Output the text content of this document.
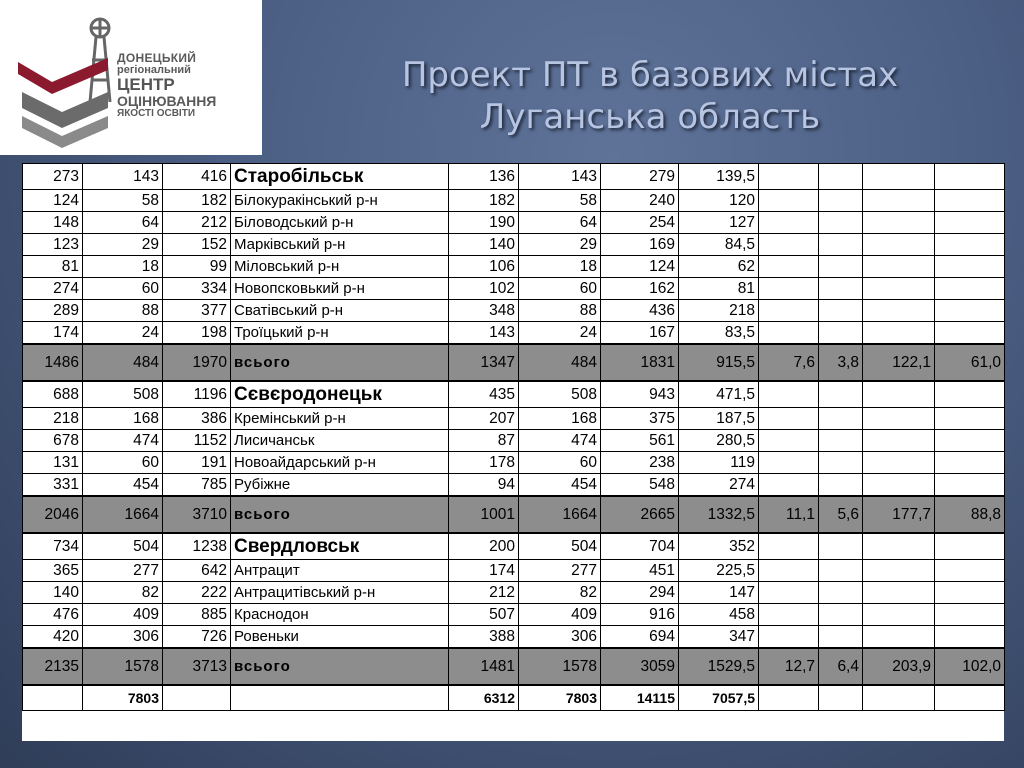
ДОНЕЦЬКИЙ
регіональний
ЦЕНТР
ОЦІНЮВАННЯ
ЯКОСТІ ОСВІТИ
Проект ПТ в базових містах
Луганська область
273	143	416	Старобільськ	136	143	279	139,5				
124	58	182	Білокуракінський р-н	182	58	240	120				
148	64	212	Біловодський р-н	190	64	254	127				
123	29	152	Марківський р-н	140	29	169	84,5				
81	18	99	Міловський р-н	106	18	124	62				
274	60	334	Новопсковький р-н	102	60	162	81				
289	88	377	Сватівський р-н	348	88	436	218				
174	24	198	Троїцький р-н	143	24	167	83,5				
1486	484	1970	всього	1347	484	1831	915,5	7,6	3,8	122,1	61,0
688	508	1196	Сєвєродонецьк	435	508	943	471,5				
218	168	386	Кремінський р-н	207	168	375	187,5				
678	474	1152	Лисичанськ	87	474	561	280,5				
131	60	191	Новоайдарський р-н	178	60	238	119				
331	454	785	Рубіжне	94	454	548	274				
2046	1664	3710	всього	1001	1664	2665	1332,5	11,1	5,6	177,7	88,8
734	504	1238	Свердловськ	200	504	704	352				
365	277	642	Антрацит	174	277	451	225,5				
140	82	222	Антрацитівський р-н	212	82	294	147				
476	409	885	Краснодон	507	409	916	458				
420	306	726	Ровеньки	388	306	694	347				
2135	1578	3713	всього	1481	1578	3059	1529,5	12,7	6,4	203,9	102,0
	7803			6312	7803	14115	7057,5				
